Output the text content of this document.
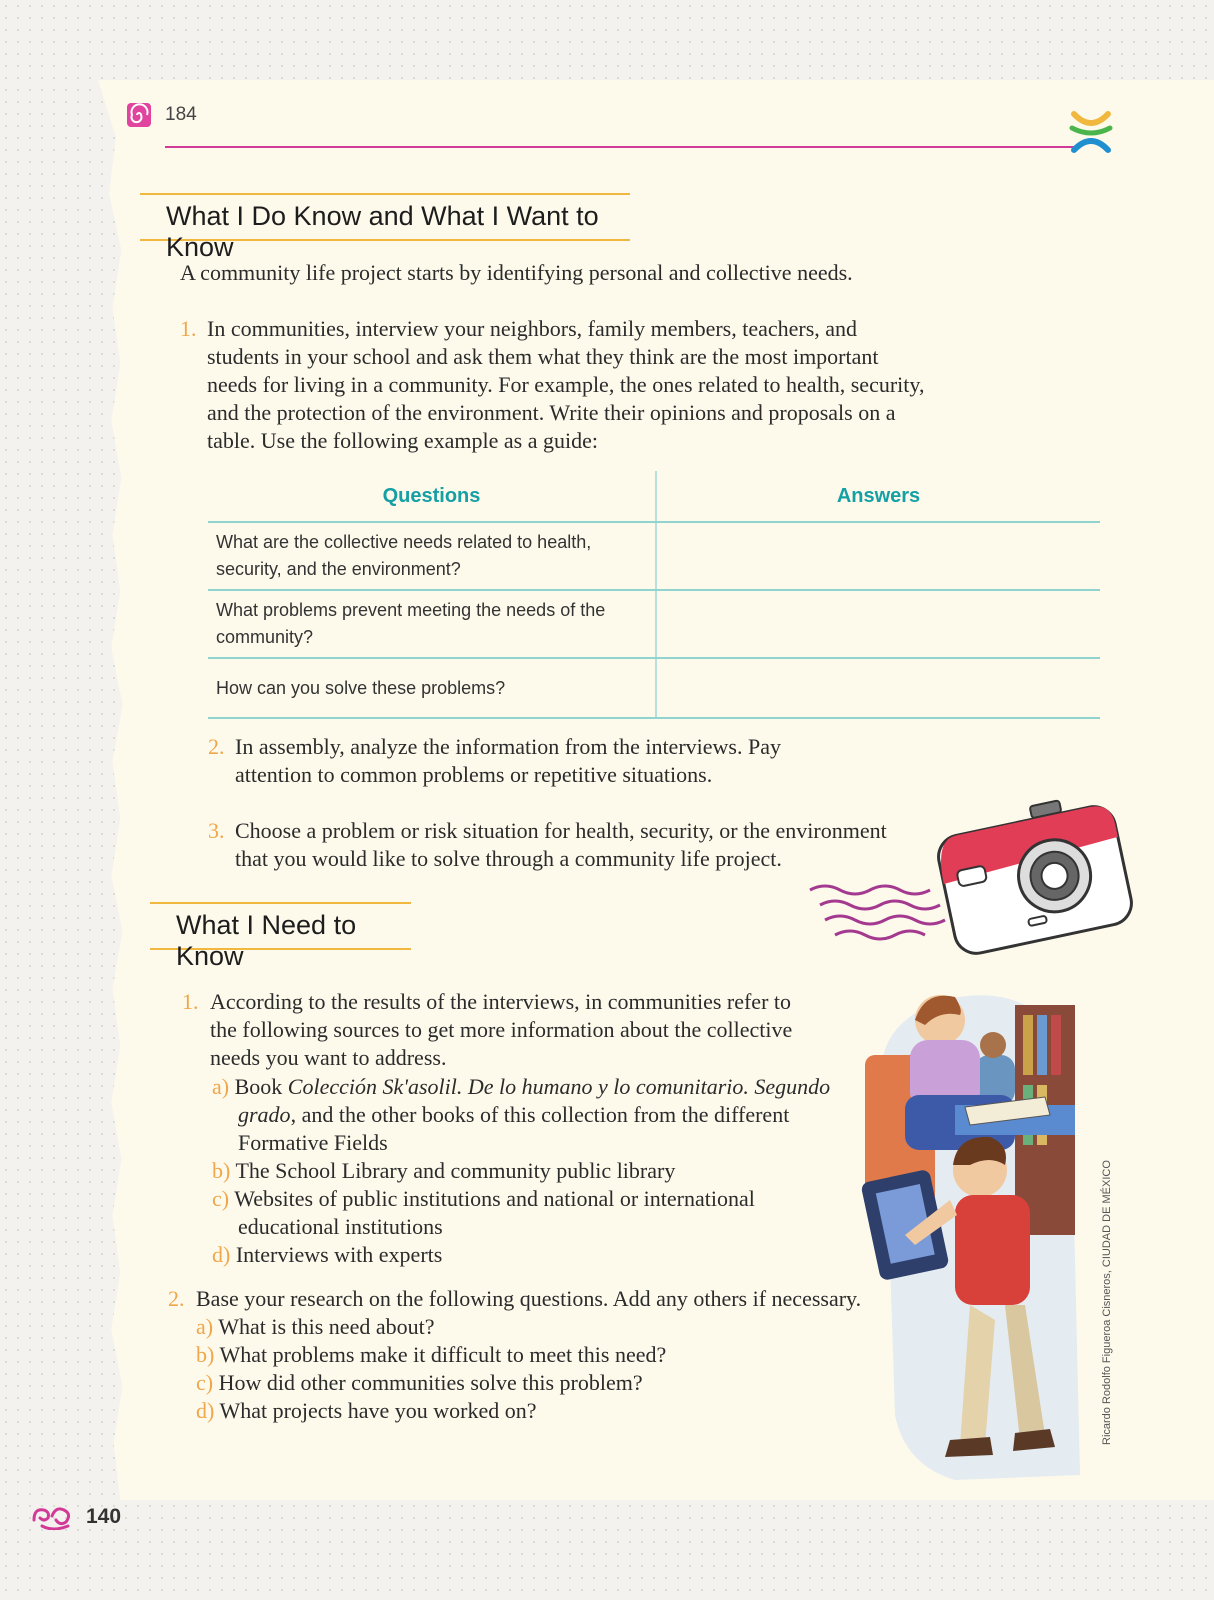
184
What I Do Know and What I Want to Know
A community life project starts by identifying personal and collective needs.
1. In communities, interview your neighbors, family members, teachers, and
students in your school and ask them what they think are the most important
needs for living in a community. For example, the ones related to health, security,
and the protection of the environment. Write their opinions and proposals on a
table. Use the following example as a guide:
Questions	Answers
What are the collective needs related to health, security, and the environment?	
What problems prevent meeting the needs of the community?	
How can you solve these problems?	
2. In assembly, analyze the information from the interviews. Pay
attention to common problems or repetitive situations.
3. Choose a problem or risk situation for health, security, or the environment
that you would like to solve through a community life project.
What I Need to Know
1. According to the results of the interviews, in communities refer to
the following sources to get more information about the collective
needs you want to address.
a) Book Colección Sk'asolil. De lo humano y lo comunitario. Segundo grado, and the other books of this collection from the different Formative Fields
b) The School Library and community public library
c) Websites of public institutions and national or international educational institutions
d) Interviews with experts
2. Base your research on the following questions. Add any others if necessary.
a) What is this need about?
b) What problems make it difficult to meet this need?
c) How did other communities solve this problem?
d) What projects have you worked on?	Ricardo Rodolfo Figueroa Cisneros, CIUDAD DE MÉXICO
140
